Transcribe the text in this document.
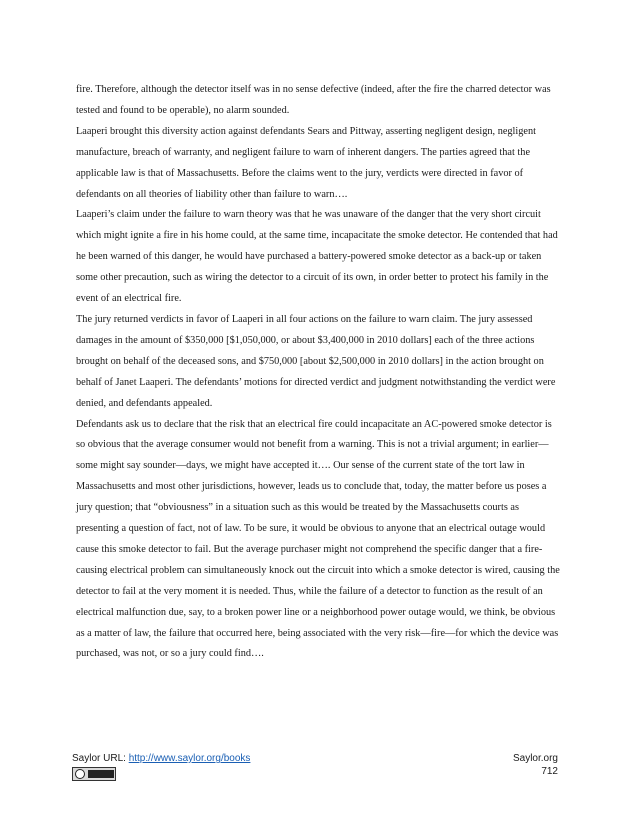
fire. Therefore, although the detector itself was in no sense defective (indeed, after the fire the charred detector was tested and found to be operable), no alarm sounded.

Laaperi brought this diversity action against defendants Sears and Pittway, asserting negligent design, negligent manufacture, breach of warranty, and negligent failure to warn of inherent dangers. The parties agreed that the applicable law is that of Massachusetts. Before the claims went to the jury, verdicts were directed in favor of defendants on all theories of liability other than failure to warn….

Laaperi’s claim under the failure to warn theory was that he was unaware of the danger that the very short circuit which might ignite a fire in his home could, at the same time, incapacitate the smoke detector. He contended that had he been warned of this danger, he would have purchased a battery-powered smoke detector as a back-up or taken some other precaution, such as wiring the detector to a circuit of its own, in order better to protect his family in the event of an electrical fire.

The jury returned verdicts in favor of Laaperi in all four actions on the failure to warn claim. The jury assessed damages in the amount of $350,000 [$1,050,000, or about $3,400,000 in 2010 dollars] each of the three actions brought on behalf of the deceased sons, and $750,000 [about $2,500,000 in 2010 dollars] in the action brought on behalf of Janet Laaperi. The defendants’ motions for directed verdict and judgment notwithstanding the verdict were denied, and defendants appealed.

Defendants ask us to declare that the risk that an electrical fire could incapacitate an AC-powered smoke detector is so obvious that the average consumer would not benefit from a warning. This is not a trivial argument; in earlier—some might say sounder—days, we might have accepted it…. Our sense of the current state of the tort law in Massachusetts and most other jurisdictions, however, leads us to conclude that, today, the matter before us poses a jury question; that “obviousness” in a situation such as this would be treated by the Massachusetts courts as presenting a question of fact, not of law. To be sure, it would be obvious to anyone that an electrical outage would cause this smoke detector to fail. But the average purchaser might not comprehend the specific danger that a fire-causing electrical problem can simultaneously knock out the circuit into which a smoke detector is wired, causing the detector to fail at the very moment it is needed. Thus, while the failure of a detector to function as the result of an electrical malfunction due, say, to a broken power line or a neighborhood power outage would, we think, be obvious as a matter of law, the failure that occurred here, being associated with the very risk—fire—for which the device was purchased, was not, or so a jury could find….

Saylor URL: http://www.saylor.org/books	Saylor.org
712
